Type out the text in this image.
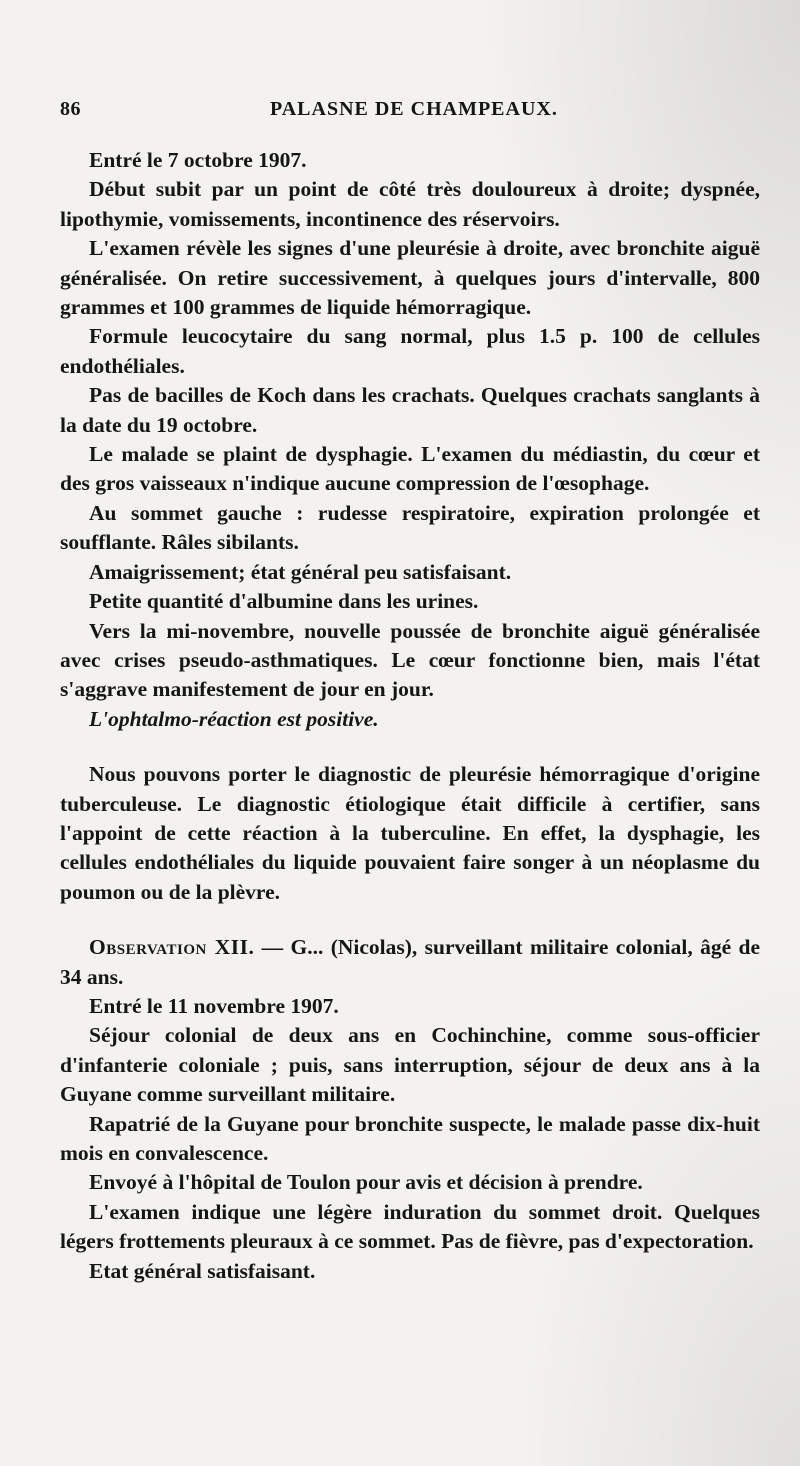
86	PALASNE DE CHAMPEAUX.

Entré le 7 octobre 1907.

Début subit par un point de côté très douloureux à droite; dyspnée, lipothymie, vomissements, incontinence des réservoirs.

L'examen révèle les signes d'une pleurésie à droite, avec bronchite aiguë généralisée. On retire successivement, à quelques jours d'intervalle, 800 grammes et 100 grammes de liquide hémorragique.

Formule leucocytaire du sang normal, plus 1.5 p. 100 de cellules endothéliales.

Pas de bacilles de Koch dans les crachats. Quelques crachats sanglants à la date du 19 octobre.

Le malade se plaint de dysphagie. L'examen du médiastin, du cœur et des gros vaisseaux n'indique aucune compression de l'œsophage.

Au sommet gauche : rudesse respiratoire, expiration prolongée et soufflante. Râles sibilants.

Amaigrissement; état général peu satisfaisant.

Petite quantité d'albumine dans les urines.

Vers la mi-novembre, nouvelle poussée de bronchite aiguë généralisée avec crises pseudo-asthmatiques. Le cœur fonctionne bien, mais l'état s'aggrave manifestement de jour en jour.

L'ophtalmo-réaction est positive.

Nous pouvons porter le diagnostic de pleurésie hémorragique d'origine tuberculeuse. Le diagnostic étiologique était difficile à certifier, sans l'appoint de cette réaction à la tuberculine. En effet, la dysphagie, les cellules endothéliales du liquide pouvaient faire songer à un néoplasme du poumon ou de la plèvre.

Observation XII. — G... (Nicolas), surveillant militaire colonial, âgé de 34 ans.

Entré le 11 novembre 1907.

Séjour colonial de deux ans en Cochinchine, comme sous-officier d'infanterie coloniale ; puis, sans interruption, séjour de deux ans à la Guyane comme surveillant militaire.

Rapatrié de la Guyane pour bronchite suspecte, le malade passe dix-huit mois en convalescence.

Envoyé à l'hôpital de Toulon pour avis et décision à prendre.

L'examen indique une légère induration du sommet droit. Quelques légers frottements pleuraux à ce sommet. Pas de fièvre, pas d'expectoration.

Etat général satisfaisant.
